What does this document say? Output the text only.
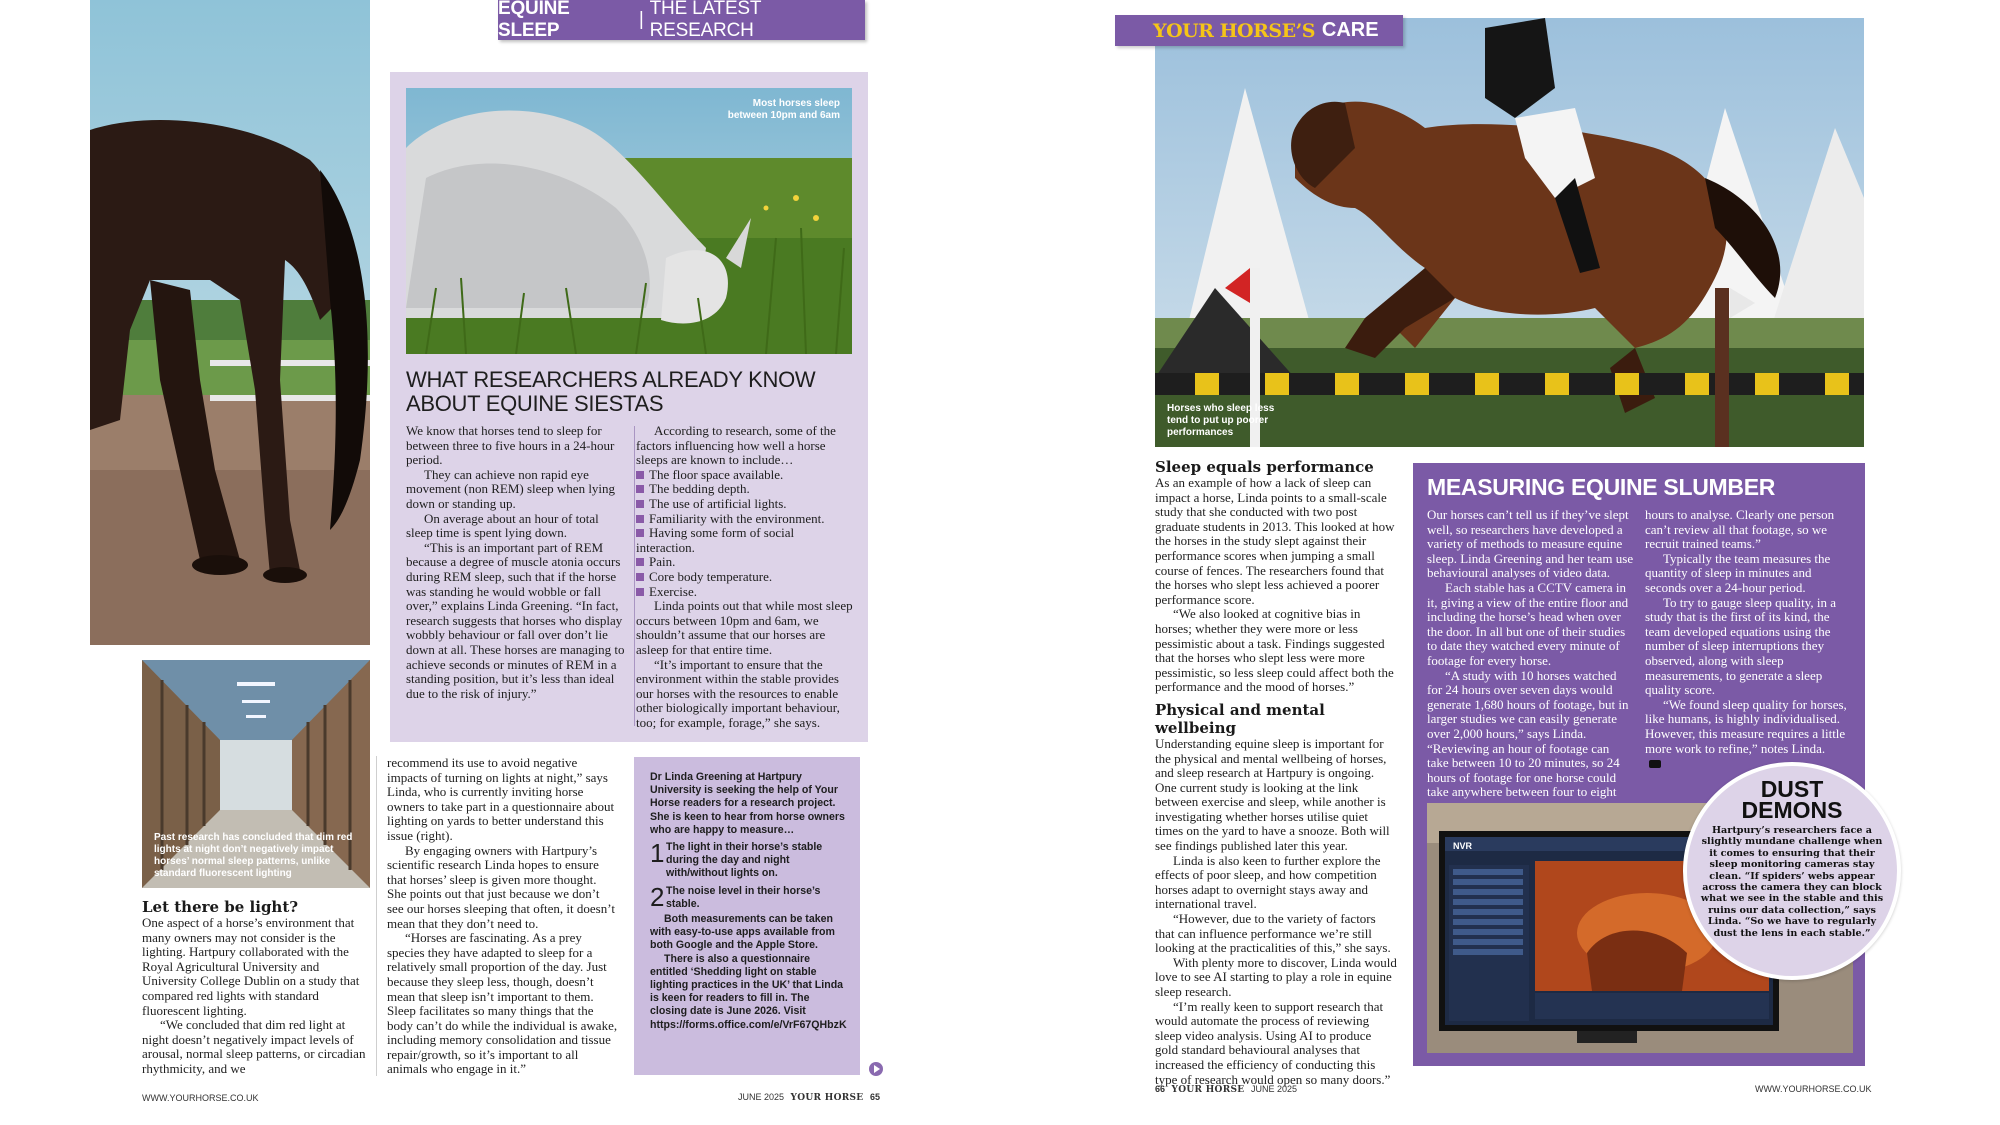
EQUINE SLEEP
|
THE LATEST RESEARCH
Most horses sleep between 10pm and 6am
WHAT RESEARCHERS ALREADY KNOW ABOUT EQUINE SIESTAS

We know that horses tend to sleep for between three to five hours in a 24-hour period.

They can achieve non rapid eye movement (non REM) sleep when lying down or standing up.

On average about an hour of total sleep time is spent lying down.

“This is an important part of REM because a degree of muscle atonia occurs during REM sleep, such that if the horse was standing he would wobble or fall over,” explains Linda Greening. “In fact, research suggests that horses who display wobbly behaviour or fall over don’t lie down at all. These horses are managing to achieve seconds or minutes of REM in a standing position, but it’s less than ideal due to the risk of injury.”

According to research, some of the factors influencing how well a horse sleeps are known to include…

The floor space available.
The bedding depth.
The use of artificial lights.
Familiarity with the environment.
Having some form of social interaction.
Pain.
Core body temperature.
Exercise.

Linda points out that while most sleep occurs between 10pm and 6am, we shouldn’t assume that our horses are asleep for that entire time.

“It’s important to ensure that the environment within the stable provides our horses with the resources to enable other biologically important behaviour, too; for example, forage,” she says.

Past research has concluded that dim red lights at night don’t negatively impact horses’ normal sleep patterns, unlike standard fluorescent lighting
Let there be light?

One aspect of a horse’s environment that many owners may not consider is the lighting. Hartpury collaborated with the Royal Agricultural University and University College Dublin on a study that compared red lights with standard fluorescent lighting.

“We concluded that dim red light at night doesn’t negatively impact levels of arousal, normal sleep patterns, or circadian rhythmicity, and we

recommend its use to avoid negative impacts of turning on lights at night,” says Linda, who is currently inviting horse owners to take part in a questionnaire about lighting on yards to better understand this issue (right).

By engaging owners with Hartpury’s scientific research Linda hopes to ensure that horses’ sleep is given more thought. She points out that just because we don’t see our horses sleeping that often, it doesn’t mean that they don’t need to.

“Horses are fascinating. As a prey species they have adapted to sleep for a relatively small proportion of the day. Just because they sleep less, though, doesn’t mean that sleep isn’t important to them. Sleep facilitates so many things that the body can’t do while the individual is awake, including memory consolidation and tissue repair/growth, so it’s important to all animals who engage in it.”

Dr Linda Greening at Hartpury University is seeking the help of Your Horse readers for a research project. She is keen to hear from horse owners who are happy to measure…

1 The light in their horse’s stable during the day and night with/without lights on.
2 The noise level in their horse’s stable.

Both measurements can be taken with easy-to-use apps available from both Google and the Apple Store.

There is also a questionnaire entitled ‘Shedding light on stable lighting practices in the UK’ that Linda is keen for readers to fill in. The closing date is June 2026. Visit https://forms.office.com/e/VrF67QHbzK

WWW.YOURHORSE.CO.UK	JUNE 2025 YOUR HORSE 65
Horses who sleep less tend to put up poorer performances
YOUR HORSE’S CARE
Sleep equals performance

As an example of how a lack of sleep can impact a horse, Linda points to a small-scale study that she conducted with two post graduate students in 2013. This looked at how the horses in the study slept against their performance scores when jumping a small course of fences. The researchers found that the horses who slept less achieved a poorer performance score.

“We also looked at cognitive bias in horses; whether they were more or less pessimistic about a task. Findings suggested that the horses who slept less were more pessimistic, so less sleep could affect both the performance and the mood of horses.”

Physical and mental wellbeing

Understanding equine sleep is important for the physical and mental wellbeing of horses, and sleep research at Hartpury is ongoing. One current study is looking at the link between exercise and sleep, while another is investigating whether horses utilise quiet times on the yard to have a snooze. Both will see findings published later this year.

Linda is also keen to further explore the effects of poor sleep, and how competition horses adapt to overnight stays away and international travel.

“However, due to the variety of factors that can influence performance we’re still looking at the practicalities of this,” she says.

With plenty more to discover, Linda would love to see AI starting to play a role in equine sleep research.

“I’m really keen to support research that would automate the process of reviewing sleep video analysis. Using AI to produce gold standard behavioural analyses that increased the efficiency of conducting this type of research would open so many doors.”

MEASURING EQUINE SLUMBER

Our horses can’t tell us if they’ve slept well, so researchers have developed a variety of methods to measure equine sleep. Linda Greening and her team use behavioural analyses of video data.

Each stable has a CCTV camera in it, giving a view of the entire floor and including the horse’s head when over the door. In all but one of their studies to date they watched every minute of footage for every horse.

“A study with 10 horses watched for 24 hours over seven days would generate 1,680 hours of footage, but in larger studies we can easily generate over 2,000 hours,” says Linda. “Reviewing an hour of footage can take between 10 to 20 minutes, so 24 hours of footage for one horse could take anywhere between four to eight

hours to analyse. Clearly one person can’t review all that footage, so we recruit trained teams.”

Typically the team measures the quantity of sleep in minutes and seconds over a 24-hour period.

To try to gauge sleep quality, in a study that is the first of its kind, the team developed equations using the number of sleep interruptions they observed, along with sleep measurements, to generate a sleep quality score.

“We found sleep quality for horses, like humans, is highly individualised. However, this measure requires a little more work to refine,” notes Linda.

NVR
DUST
DEMONS
Hartpury’s researchers face a slightly mundane challenge when it comes to ensuring that their sleep monitoring cameras stay clean. “If spiders’ webs appear across the camera they can block what we see in the stable and this ruins our data collection,” says Linda. “So we have to regularly dust the lens in each stable.”
66 YOUR HORSE JUNE 2025	WWW.YOURHORSE.CO.UK
